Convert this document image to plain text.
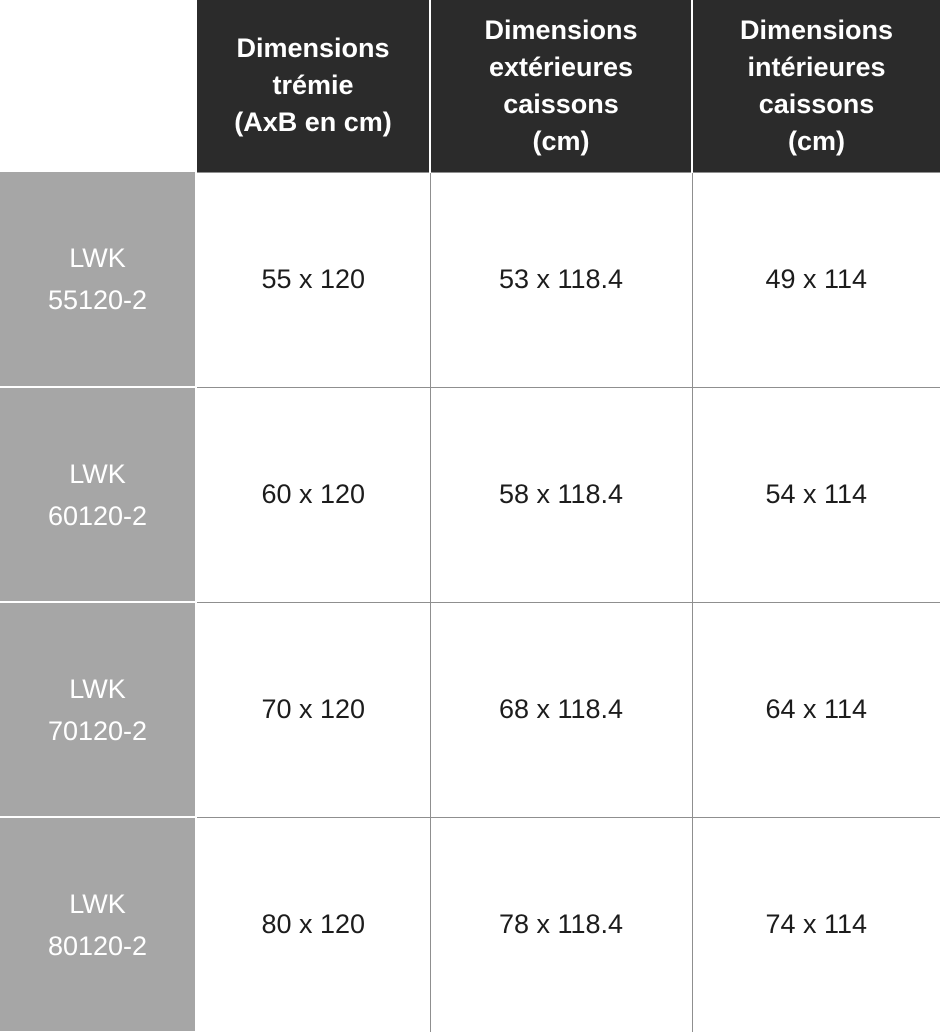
	Dimensions
trémie
(AxB en cm)	Dimensions
extérieures
caissons
(cm)	Dimensions
intérieures
caissons
(cm)

LWK
55120-2	55 x 120	53 x 118.4	49 x 114

LWK
60120-2	60 x 120	58 x 118.4	54 x 114

LWK
70120-2	70 x 120	68 x 118.4	64 x 114

LWK
80120-2	80 x 120	78 x 118.4	74 x 114
